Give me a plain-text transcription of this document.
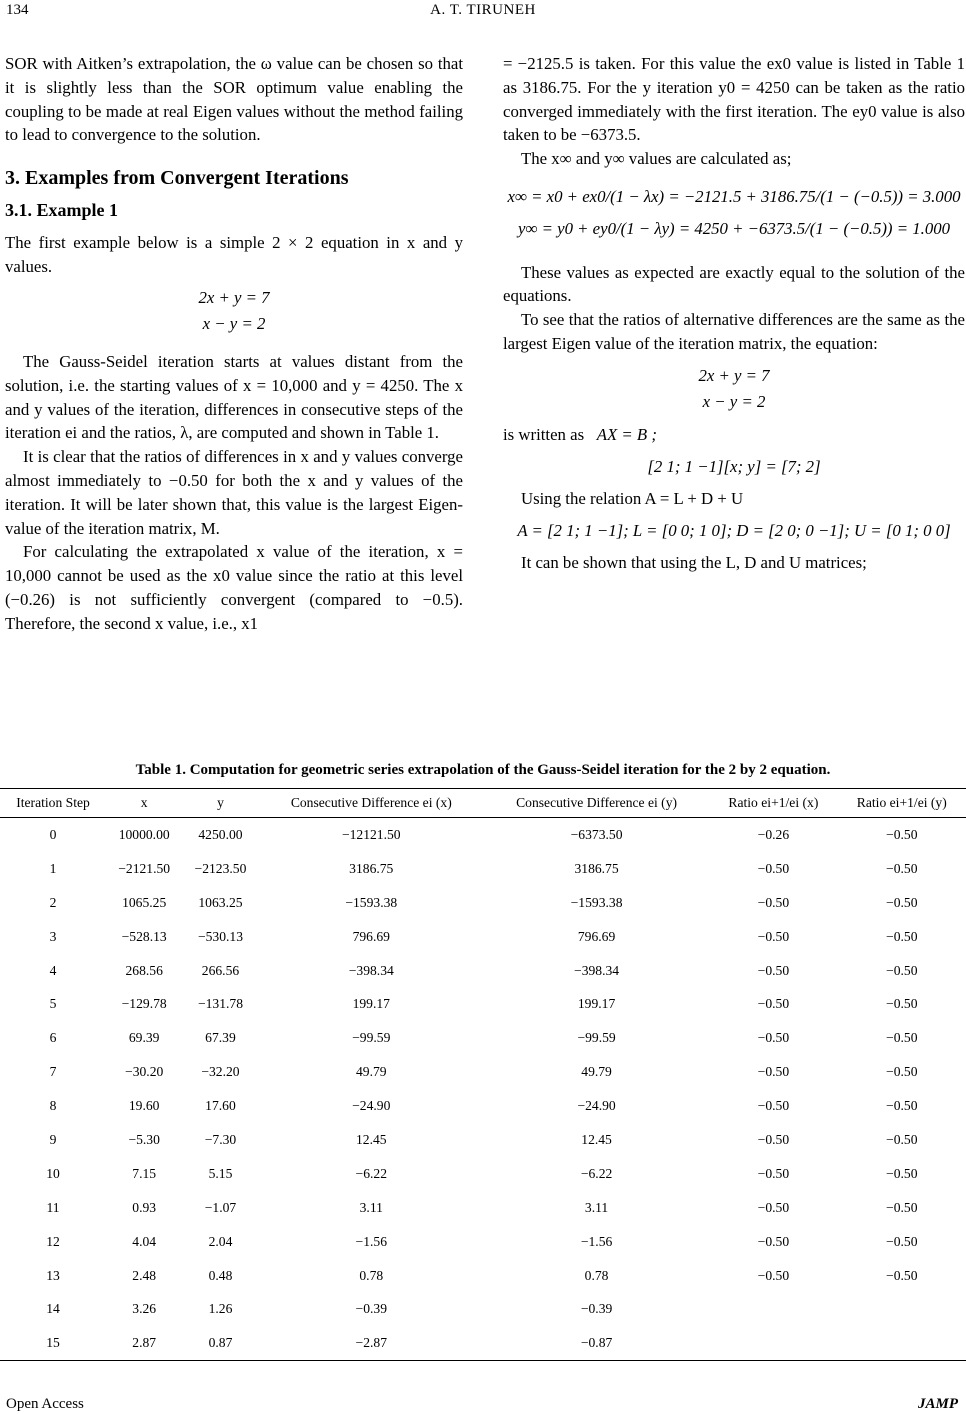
134	A. T. TIRUNEH

SOR with Aitken’s extrapolation, the ω value can be chosen so that it is slightly less than the SOR optimum value enabling the coupling to be made at real Eigen values without the method failing to lead to convergence to the solution.

3. Examples from Convergent Iterations
3.1. Example 1

The first example below is a simple 2 × 2 equation in x and y values.

2x + y = 7
x − y = 2

The Gauss-Seidel iteration starts at values distant from the solution, i.e. the starting values of x = 10,000 and y = 4250. The x and y values of the iteration, differences in consecutive steps of the iteration ei and the ratios, λ, are computed and shown in Table 1.

It is clear that the ratios of differences in x and y values converge almost immediately to −0.50 for both the x and y values of the iteration. It will be later shown that, this value is the largest Eigen-value of the iteration matrix, M.

For calculating the extrapolated x value of the iteration, x = 10,000 cannot be used as the x0 value since the ratio at this level (−0.26) is not sufficiently convergent (compared to −0.5). Therefore, the second x value, i.e., x1

= −2125.5 is taken. For this value the ex0 value is listed in Table 1 as 3186.75. For the y iteration y0 = 4250 can be taken as the ratio converged immediately with the first iteration. The ey0 value is also taken to be −6373.5.

The x∞ and y∞ values are calculated as;

x∞ = x0 + ex0/(1 − λx) = −2121.5 + 3186.75/(1 − (−0.5)) = 3.000
y∞ = y0 + ey0/(1 − λy) = 4250 + −6373.5/(1 − (−0.5)) = 1.000

These values as expected are exactly equal to the solution of the equations.

To see that the ratios of alternative differences are the same as the largest Eigen value of the iteration matrix, the equation:

2x + y = 7
x − y = 2

is written as AX = B ;

[2 1; 1 −1][x; y] = [7; 2]

Using the relation A = L + D + U

A = [2 1; 1 −1]; L = [0 0; 1 0]; D = [2 0; 0 −1]; U = [0 1; 0 0]

It can be shown that using the L, D and U matrices;

Table 1. Computation for geometric series extrapolation of the Gauss-Seidel iteration for the 2 by 2 equation.
Iteration Step	x	y	Consecutive Difference ei (x)	Consecutive Difference ei (y)	Ratio ei+1/ei (x)	Ratio ei+1/ei (y)
0	10000.00	4250.00	−12121.50	−6373.50	−0.26	−0.50
1	−2121.50	−2123.50	3186.75	3186.75	−0.50	−0.50
2	1065.25	1063.25	−1593.38	−1593.38	−0.50	−0.50
3	−528.13	−530.13	796.69	796.69	−0.50	−0.50
4	268.56	266.56	−398.34	−398.34	−0.50	−0.50
5	−129.78	−131.78	199.17	199.17	−0.50	−0.50
6	69.39	67.39	−99.59	−99.59	−0.50	−0.50
7	−30.20	−32.20	49.79	49.79	−0.50	−0.50
8	19.60	17.60	−24.90	−24.90	−0.50	−0.50
9	−5.30	−7.30	12.45	12.45	−0.50	−0.50
10	7.15	5.15	−6.22	−6.22	−0.50	−0.50
11	0.93	−1.07	3.11	3.11	−0.50	−0.50
12	4.04	2.04	−1.56	−1.56	−0.50	−0.50
13	2.48	0.48	0.78	0.78	−0.50	−0.50
14	3.26	1.26	−0.39	−0.39		
15	2.87	0.87	−2.87	−0.87		
Open Access	JAMP
